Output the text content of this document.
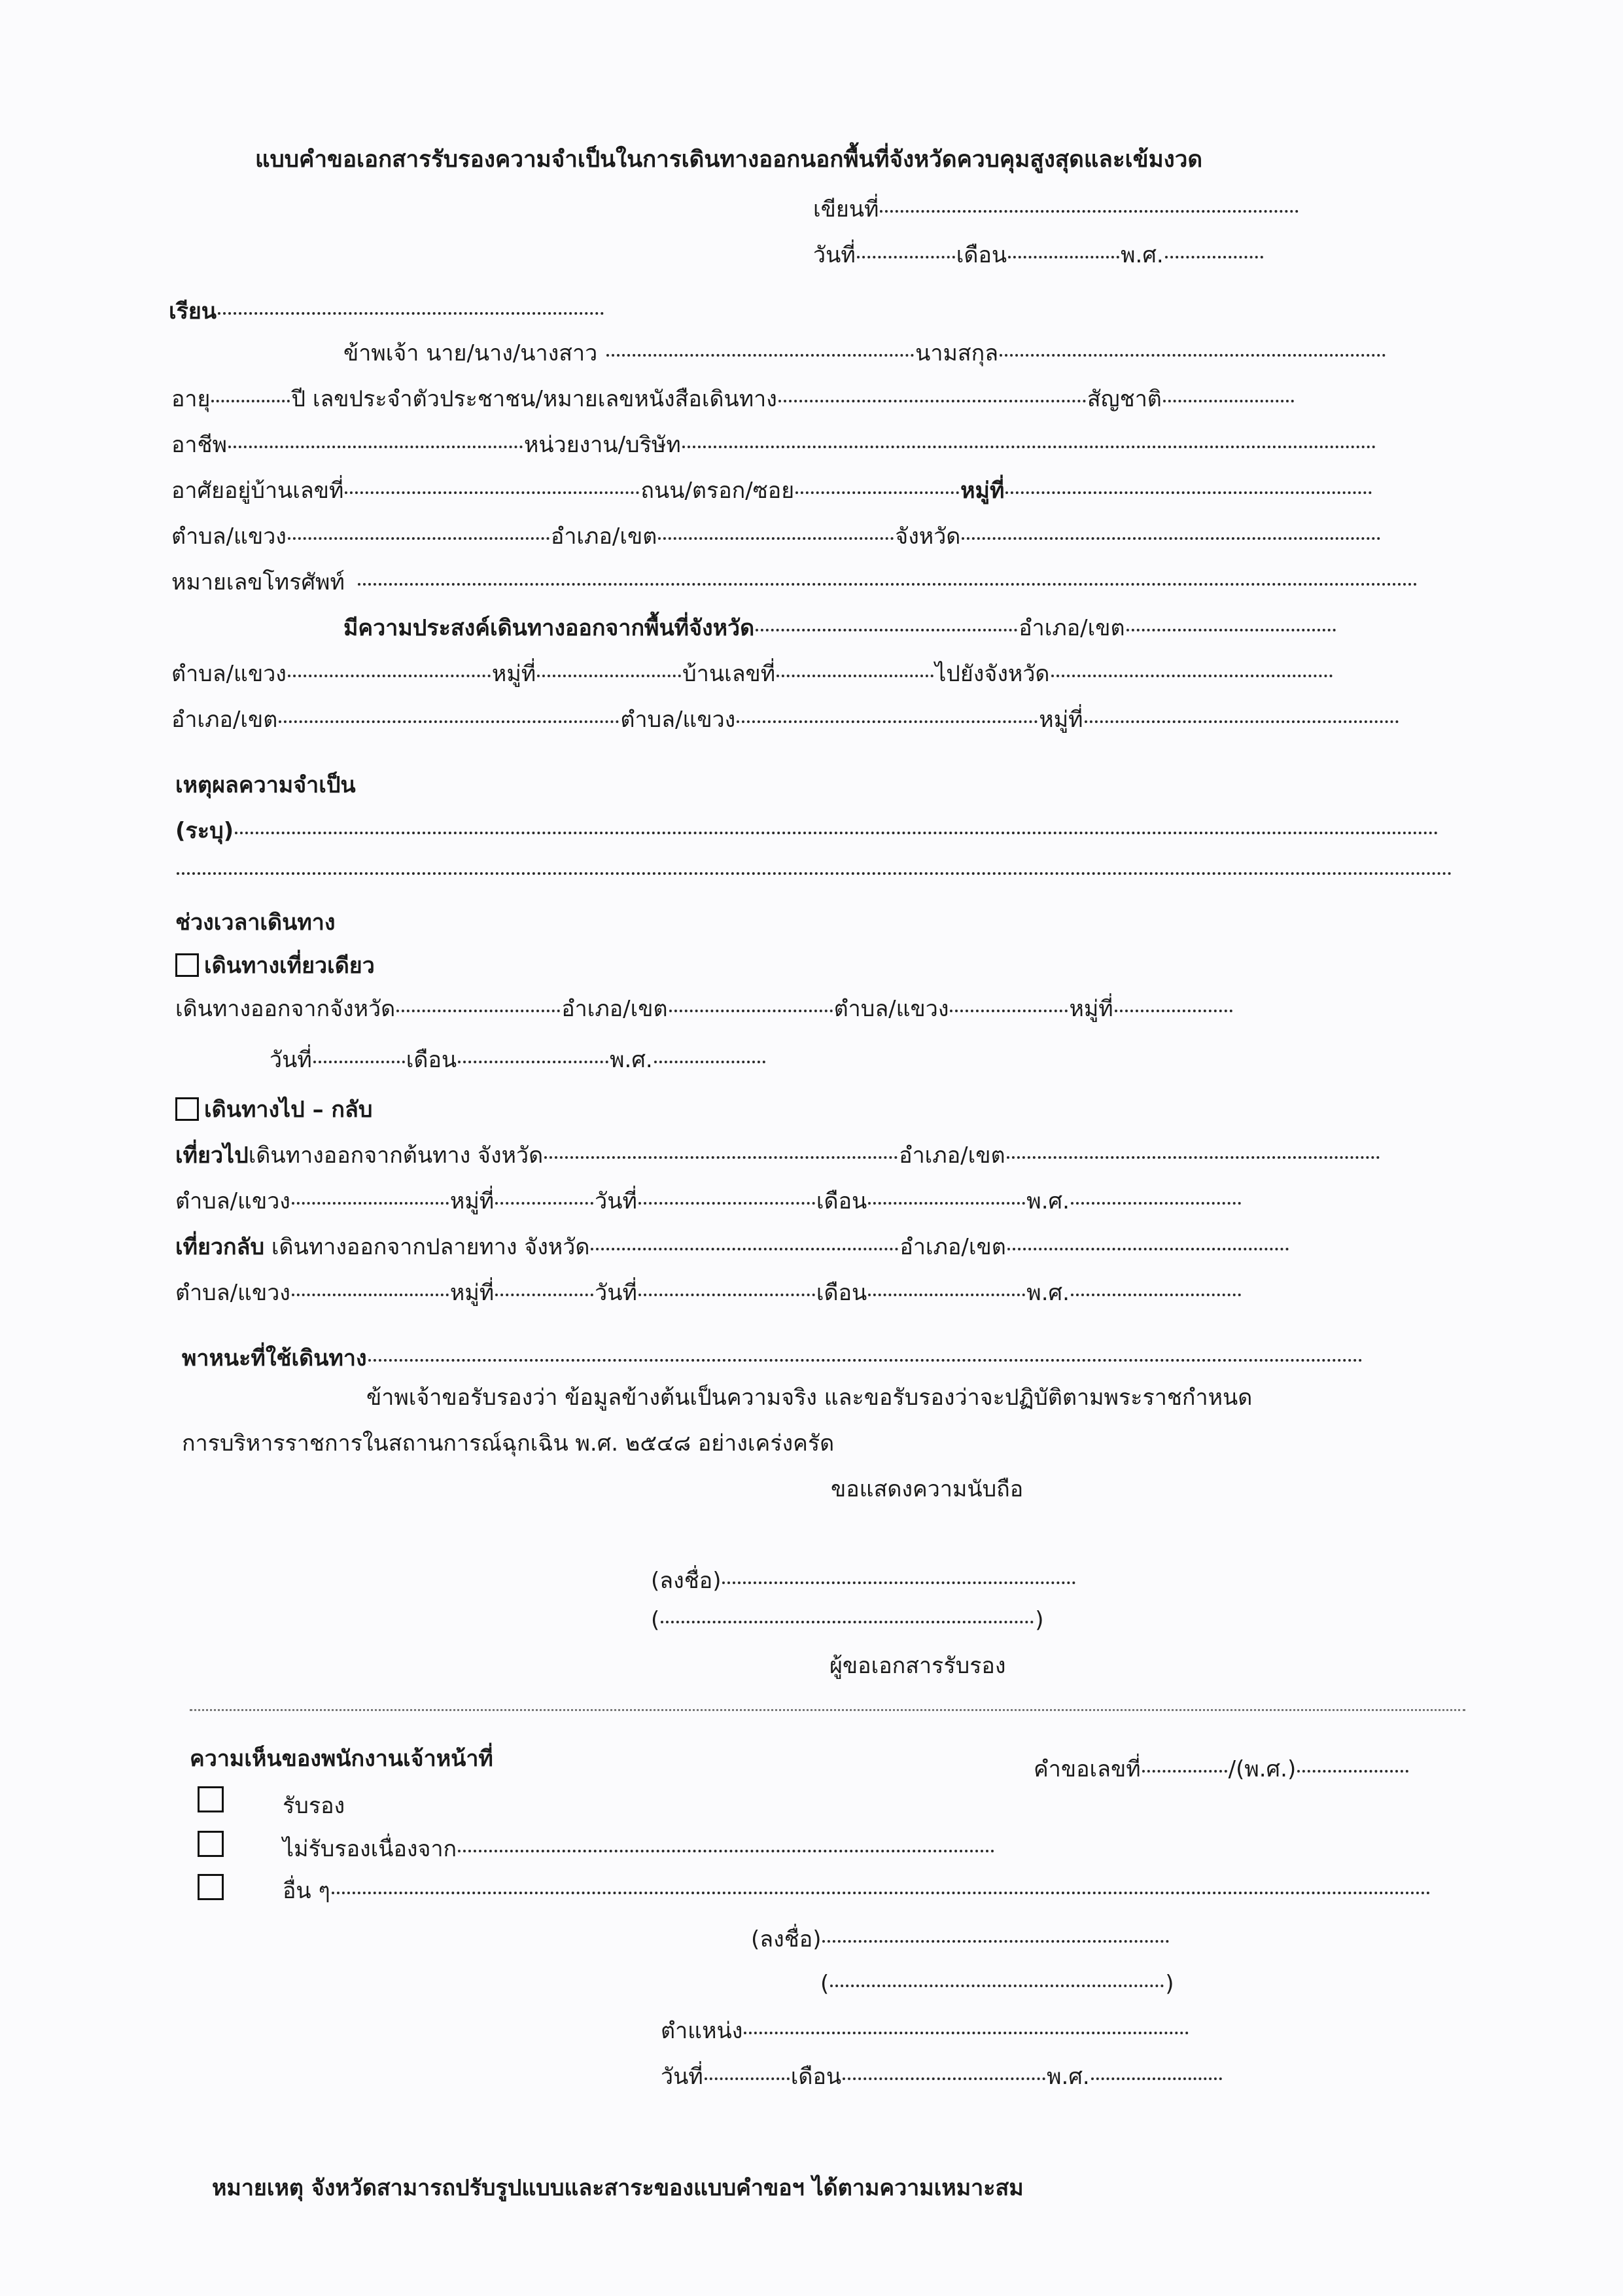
แบบคำขอเอกสารรับรองความจำเป็นในการเดินทางออกนอกพื้นที่จังหวัดควบคุมสูงสุดและเข้มงวด
เขียนที่
วันที่	เดือน	พ.ศ.
เรียน
ข้าพเจ้า นาย/นาง/นางสาว	นามสกุล
อายุ	ปี เลขประจำตัวประชาชน/หมายเลขหนังสือเดินทาง	สัญชาติ
อาชีพ	หน่วยงาน/บริษัท
อาศัยอยู่บ้านเลขที่	ถนน/ตรอก/ซอย	หมู่ที่
ตำบล/แขวง	อำเภอ/เขต	จังหวัด
หมายเลขโทรศัพท์
มีความประสงค์เดินทางออกจากพื้นที่จังหวัด	อำเภอ/เขต
ตำบล/แขวง	หมู่ที่	บ้านเลขที่	ไปยังจังหวัด
อำเภอ/เขต	ตำบล/แขวง	หมู่ที่
เหตุผลความจำเป็น
(ระบุ)
ช่วงเวลาเดินทาง
เดินทางเที่ยวเดียว
เดินทางออกจากจังหวัด	อำเภอ/เขต	ตำบล/แขวง	หมู่ที่
วันที่	เดือน	พ.ศ.
เดินทางไป – กลับ
เที่ยวไปเดินทางออกจากต้นทาง จังหวัด	อำเภอ/เขต
ตำบล/แขวง	หมู่ที่	วันที่	เดือน	พ.ศ.
เที่ยวกลับ เดินทางออกจากปลายทาง จังหวัด	อำเภอ/เขต
ตำบล/แขวง	หมู่ที่	วันที่	เดือน	พ.ศ.
พาหนะที่ใช้เดินทาง
ข้าพเจ้าขอรับรองว่า ข้อมูลข้างต้นเป็นความจริง และขอรับรองว่าจะปฏิบัติตามพระราชกำหนด
การบริหารราชการในสถานการณ์ฉุกเฉิน พ.ศ. ๒๕๔๘ อย่างเคร่งครัด
ขอแสดงความนับถือ
(ลงชื่อ)
(	)
ผู้ขอเอกสารรับรอง
ความเห็นของพนักงานเจ้าหน้าที่	คำขอเลขที่	/(พ.ศ.)
รับรอง
ไม่รับรองเนื่องจาก
อื่น ๆ
(ลงชื่อ)
(	)
ตำแหน่ง
วันที่	เดือน	พ.ศ.
หมายเหตุ จังหวัดสามารถปรับรูปแบบและสาระของแบบคำขอฯ ได้ตามความเหมาะสม
